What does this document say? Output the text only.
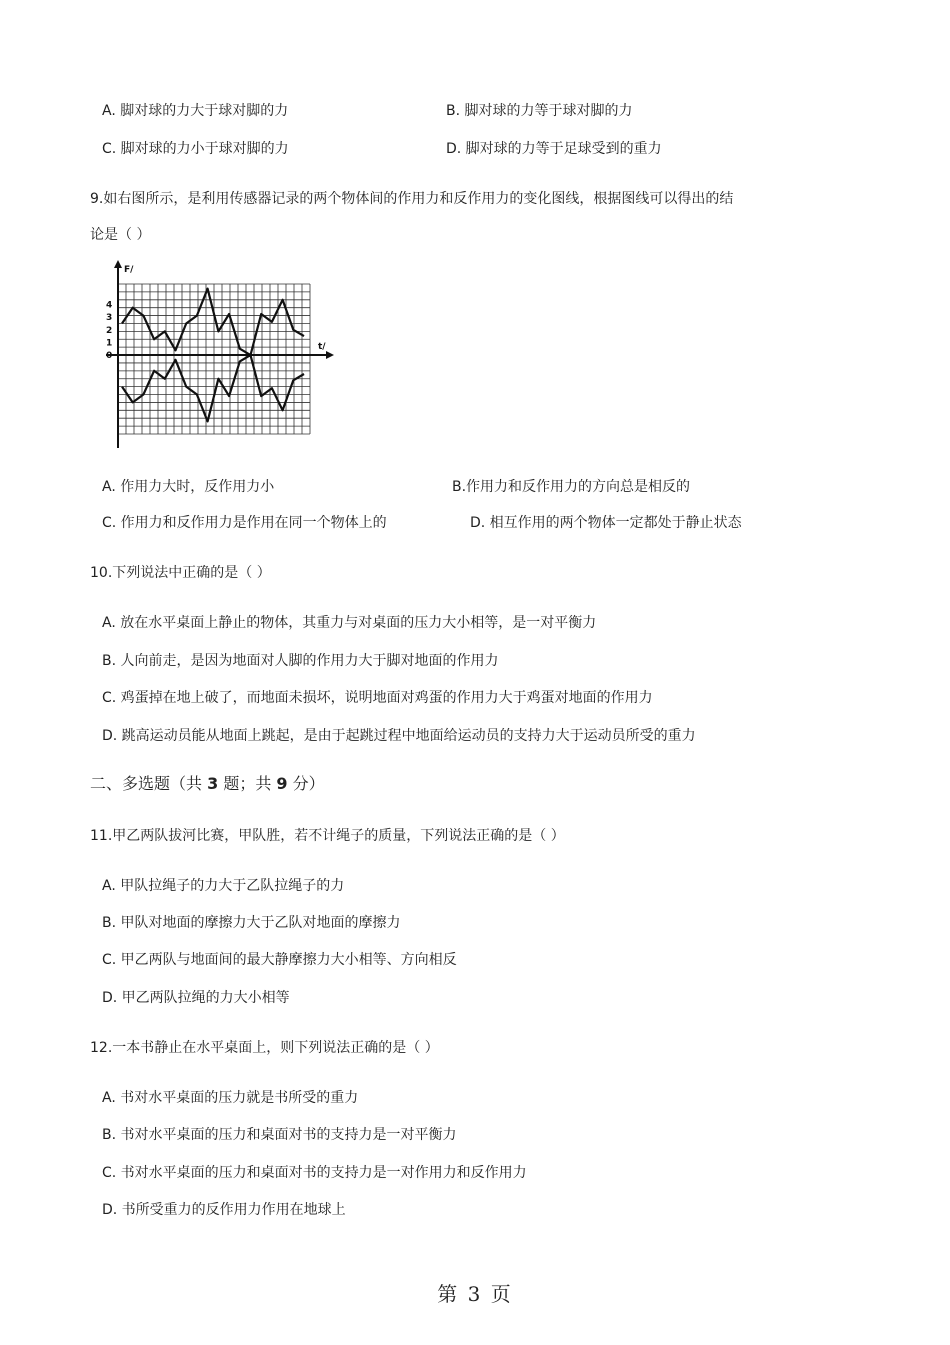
A. 脚对球的力大于球对脚的力	B. 脚对球的力等于球对脚的力
C. 脚对球的力小于球对脚的力	D. 脚对球的力等于足球受到的重力
9.如右图所示，是利用传感器记录的两个物体间的作用力和反作用力的变化图线，根据图线可以得出的结
论是（ ）
F/
t/
4
3
2
1
0
A. 作用力大时，反作用力小	B.作用力和反作用力的方向总是相反的
C. 作用力和反作用力是作用在同一个物体上的	D. 相互作用的两个物体一定都处于静止状态
10.下列说法中正确的是（ ）
A. 放在水平桌面上静止的物体，其重力与对桌面的压力大小相等，是一对平衡力
B. 人向前走，是因为地面对人脚的作用力大于脚对地面的作用力
C. 鸡蛋掉在地上破了，而地面未损坏，说明地面对鸡蛋的作用力大于鸡蛋对地面的作用力
D. 跳高运动员能从地面上跳起，是由于起跳过程中地面给运动员的支持力大于运动员所受的重力
二、多选题（共 3 题；共 9 分）
11.甲乙两队拔河比赛，甲队胜，若不计绳子的质量，下列说法正确的是（ ）
A. 甲队拉绳子的力大于乙队拉绳子的力
B. 甲队对地面的摩擦力大于乙队对地面的摩擦力
C. 甲乙两队与地面间的最大静摩擦力大小相等、方向相反
D. 甲乙两队拉绳的力大小相等
12.一本书静止在水平桌面上，则下列说法正确的是（ ）
A. 书对水平桌面的压力就是书所受的重力
B. 书对水平桌面的压力和桌面对书的支持力是一对平衡力
C. 书对水平桌面的压力和桌面对书的支持力是一对作用力和反作用力
D. 书所受重力的反作用力作用在地球上
第 3 页
